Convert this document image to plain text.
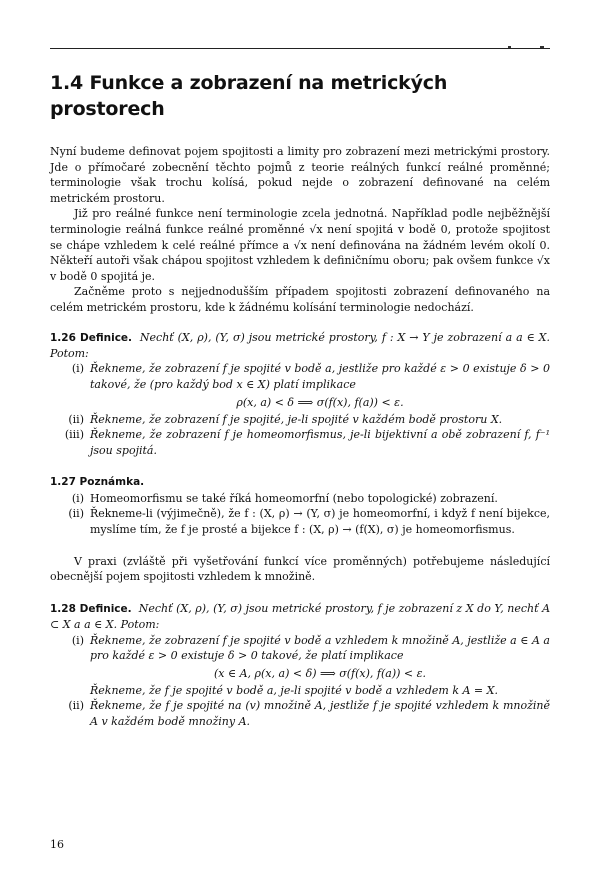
1.4 Funkce a zobrazení na metrických prostorech

Nyní budeme definovat pojem spojitosti a limity pro zobrazení mezi metrickými prostory. Jde o přímočaré zobecnění těchto pojmů z teorie reálných funkcí reálné proměnné; terminologie však trochu kolísá, pokud nejde o zobrazení definované na celém metrickém prostoru.

Již pro reálné funkce není terminologie zcela jednotná. Například podle nejběžnější terminologie reálná funkce reálné proměnné √x není spojitá v bodě 0, protože spojitost se chápe vzhledem k celé reálné přímce a √x není definována na žádném levém okolí 0. Někteří autoři však chápou spojitost vzhledem k definičnímu oboru; pak ovšem funkce √x v bodě 0 spojitá je.

Začněme proto s nejjednodušším případem spojitosti zobrazení definovaného na celém metrickém prostoru, kde k žádnému kolísání terminologie nedochází.

1.26 Definice. Nechť (X, ρ), (Y, σ) jsou metrické prostory, f : X → Y je zobrazení a a ∈ X. Potom:

(i) Řekneme, že zobrazení f je spojité v bodě a, jestliže pro každé ε > 0 existuje δ > 0 takové, že (pro každý bod x ∈ X) platí implikace
ρ(x, a) < δ ⟹ σ(f(x), f(a)) < ε.
(ii) Řekneme, že zobrazení f je spojité, je-li spojité v každém bodě prostoru X.
(iii) Řekneme, že zobrazení f je homeomorfismus, je-li bijektivní a obě zobrazení f, f⁻¹ jsou spojitá.

1.27 Poznámka.

(i) Homeomorfismu se také říká homeomorfní (nebo topologické) zobrazení.
(ii) Řekneme-li (výjimečně), že f : (X, ρ) → (Y, σ) je homeomorfní, i když f není bijekce, myslíme tím, že f je prosté a bijekce f : (X, ρ) → (f(X), σ) je homeomorfismus.

V praxi (zvláště při vyšetřování funkcí více proměnných) potřebujeme následující obecnější pojem spojitosti vzhledem k množině.

1.28 Definice. Nechť (X, ρ), (Y, σ) jsou metrické prostory, f je zobrazení z X do Y, nechť A ⊂ X a a ∈ X. Potom:

(i) Řekneme, že zobrazení f je spojité v bodě a vzhledem k množině A, jestliže a ∈ A a pro každé ε > 0 existuje δ > 0 takové, že platí implikace
(x ∈ A, ρ(x, a) < δ) ⟹ σ(f(x), f(a)) < ε.
Řekneme, že f je spojité v bodě a, je-li spojité v bodě a vzhledem k A = X.
(ii) Řekneme, že f je spojité na (v) množině A, jestliže f je spojité vzhledem k množině A v každém bodě množiny A.
16
